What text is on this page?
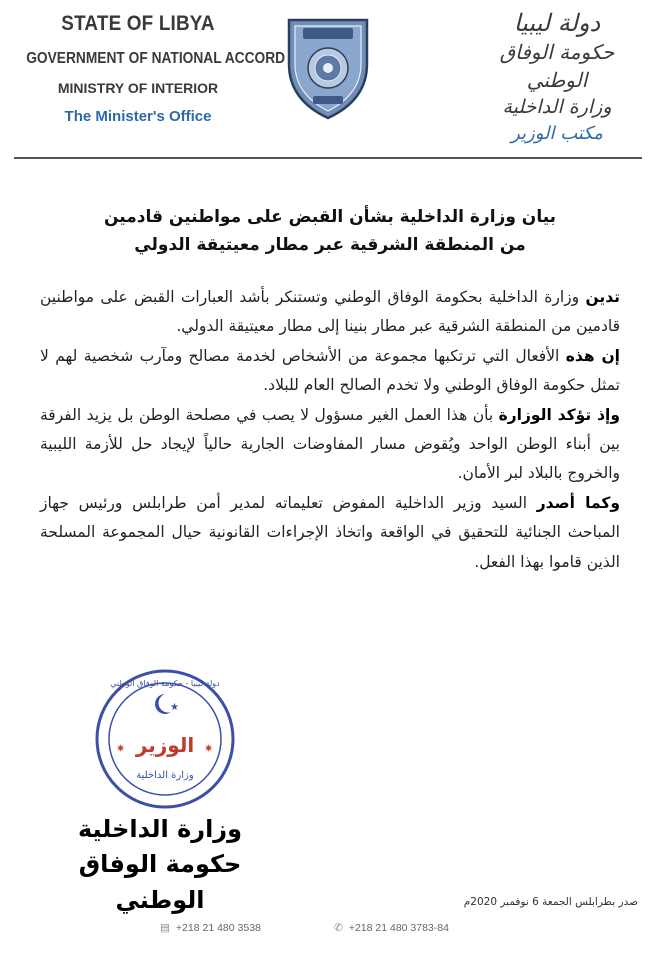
STATE OF LIBYA
GOVERNMENT OF NATIONAL ACCORD
MINISTRY OF INTERIOR
The Minister's Office
دولة ليبيا
حكومة الوفاق الوطني
وزارة الداخلية
مكتب الوزير
بيان وزارة الداخلية بشأن القبض على مواطنين قادمين
من المنطقة الشرقية عبر مطار معيتيقة الدولي

تدين وزارة الداخلية بحكومة الوفاق الوطني وتستنكر بأشد العبارات القبض على مواطنين قادمين من المنطقة الشرقية عبر مطار بنينا إلى مطار معيتيقة الدولي.

إن هذه الأفعال التي ترتكبها مجموعة من الأشخاص لخدمة مصالح ومآرب شخصية لهم لا تمثل حكومة الوفاق الوطني ولا تخدم الصالح العام للبلاد.

وإذ تؤكد الوزارة بأن هذا العمل الغير مسؤول لا يصب في مصلحة الوطن بل يزيد الفرقة بين أبناء الوطن الواحد ويُقوض مسار المفاوضات الجارية حالياً لإيجاد حل للأزمة الليبية والخروج بالبلاد لبر الأمان.

وكما أصدر السيد وزير الداخلية المفوض تعليماته لمدير أمن طرابلس ورئيس جهاز المباحث الجنائية للتحقيق في الواقعة واتخاذ الإجراءات القانونية حيال المجموعة المسلحة الذين قاموا بهذا الفعل.

★
✷	✷
الوزير
وزارة الداخلية
دولة ليبيا - حكومة الوفاق الوطني
وزارة الداخلية
حكومة الوفاق الوطني	صدر بطرابلس الجمعة 6 نوفمبر 2020م
▤ +218 21 480 3538	✆ +218 21 480 3783-84
